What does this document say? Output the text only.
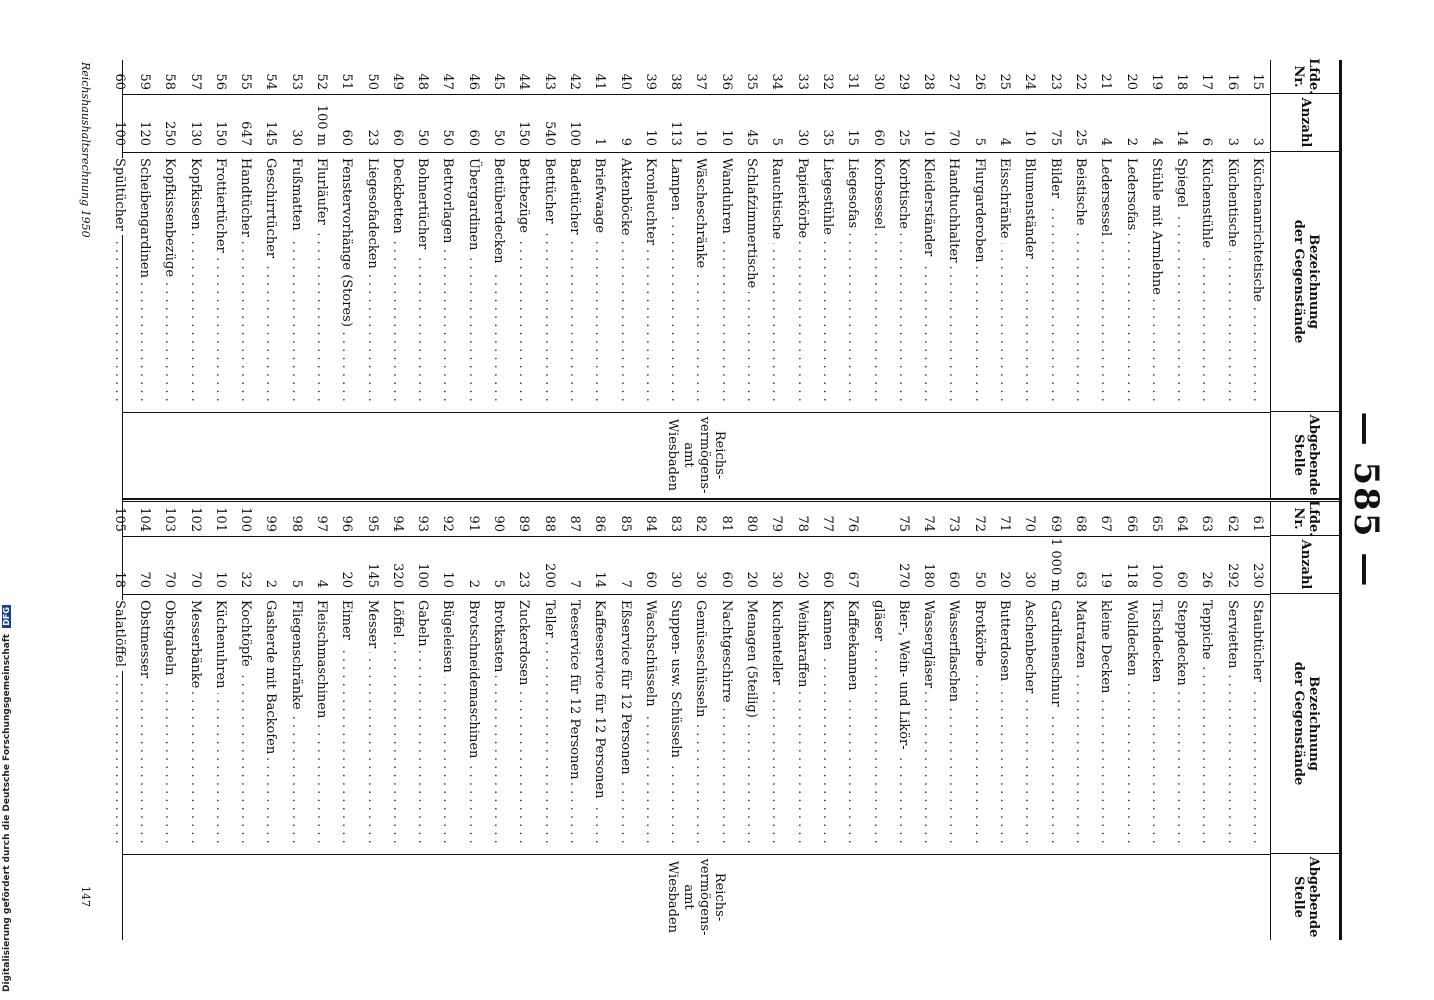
— 585 —
Lfde.
Nr.
Anzahl
Bezeichnung
der Gegenstände
Abgebende
Stelle
15
3
Küchenanrichtetische . . .
16
3
Küchentische . . .
17
6
Küchenstühle . . .
18
14
Spiegel . . .
19
4
Stühle mit Armlehne . . .
20
2
Ledersofas . . .
21
4
Ledersessel . . .
22
25
Beistische . . .
23
75
Bilder . . .
24
10
Blumenständer . . .
25
4
Eisschränke . . .
26
5
Flurgarderoben . . .
27
70
Handtuchhalter . . .
28
10
Kleiderständer . . .
29
25
Korbtische . . .
30
60
Korbsessel . . .
31
15
Liegesofas . . .
32
35
Liegestühle . . .
33
30
Papierkörbe . . .
34
5
Rauchtische . . .
35
45
Schlafzimmertische . . .
36
10
Wanduhren . . .
37
10
Wäscheschränke . . .
38
113
Lampen . . .
39
10
Kronleuchter . . .
40
9
Aktenböcke . . .
41
1
Briefwaage . . .
42
100
Badetücher . . .
43
540
Bettücher . . .
44
150
Bettbezüge . . .
45
50
Bettüberdecken . . .
46
60
Übergardinen . . .
47
50
Bettvorlagen . . .
48
50
Bohnertücher . . .
49
60
Deckbetten . . .
50
23
Liegesofadecken . . .
51
60
Fenstervorhänge (Stores) . . .
52
100 m
Flurläufer . . .
53
30
Fußmatten . . .
54
145
Geschirrtücher . . .
55
647
Handtücher . . .
56
150
Frottiertücher . . .
57
130
Kopfkissen . . .
58
250
Kopfkissenbezüge . . .
59
120
Scheibengardinen . . .
60
100
Spültücher . . .
Reichs-
vermögens-
amt
Wiesbaden
Lfde.
Nr.
Anzahl
Bezeichnung
der Gegenstände
Abgebende
Stelle
61
230
Staubtücher . . .
62
292
Servietten . . .
63
26
Teppiche . . .
64
60
Steppdecken . . .
65
100
Tischdecken . . .
66
118
Wolldecken . . .
67
19
kleine Decken . . .
68
63
Matratzen . . .
69
1 000 m
Gardinenschnur . . .
70
30
Aschenbecher . . .
71
20
Butterdosen . . .
72
50
Brotkörbe . . .
73
60
Wasserflaschen . . .
74
180
Wassergläser . . .
75
270
Bier-, Wein- und Likör- . . .
gläser . . .
76
67
Kaffeekannen . . .
77
60
Kannen . . .
78
20
Weinkaraffen . . .
79
30
Kuchenteller . . .
80
20
Menagen (5teilig) . . .
81
60
Nachtgeschirre . . .
82
30
Gemüseschüsseln . . .
83
30
Suppen- usw. Schüsseln . . .
84
60
Waschschüsseln . . .
85
7
Eßservice für 12 Personen . . .
86
14
Kaffeeservice für 12 Personen . . .
87
7
Teeservice für 12 Personen . . .
88
200
Teller . . .
89
23
Zuckerdosen . . .
90
5
Brotkasten . . .
91
2
Brotschneidemaschinen . . .
92
10
Bügeleisen . . .
93
100
Gabeln . . .
94
320
Löffel . . .
95
145
Messer . . .
96
20
Eimer . . .
97
4
Fleischmaschinen . . .
98
5
Fliegenschränke . . .
99
2
Gasherde mit Backofen . . .
100
32
Kochtöpfe . . .
101
10
Küchenuhren . . .
102
70
Messerbänke . . .
103
70
Obstgabeln . . .
104
70
Obstmesser . . .
105
18
Salatlöffel . . .
Reichs-
vermögens-
amt
Wiesbaden
Reichshaushaltsrechnung 1950
147
Digitalisierung gefördert durch die Deutsche Forschungsgemeinschaft DFG
